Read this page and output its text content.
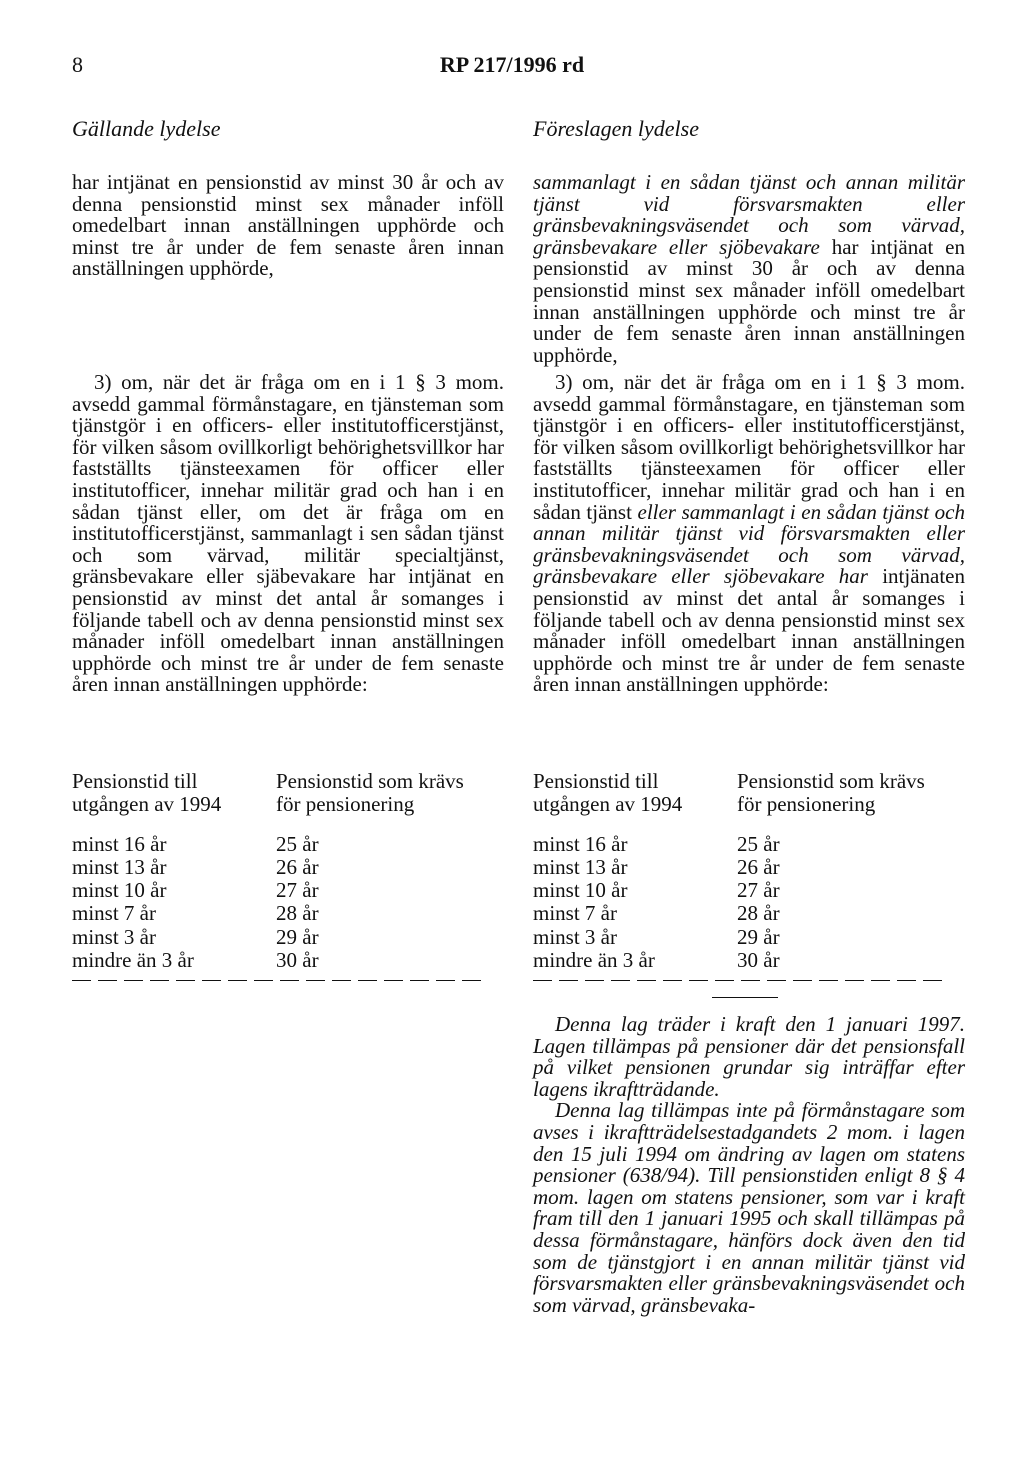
8	RP 217/1996 rd
Gällande lydelse	Föreslagen lydelse

har intjänat en pensionstid av minst 30 år och av denna pensionstid minst sex månader inföll omedelbart innan anställningen upphörde och minst tre år under de fem senaste åren innan anställningen upphörde,

3) om, när det är fråga om en i 1 § 3 mom. avsedd gammal förmånstagare, en tjänsteman som tjänstgör i en officers- eller institutofficerstjänst, för vilken såsom ovillkorligt behörighetsvillkor har fastställts tjänsteexamen för officer eller institutofficer, innehar militär grad och han i en sådan tjänst eller, om det är fråga om en institutofficerstjänst, sammanlagt i sen sådan tjänst och som värvad, militär specialtjänst, gränsbevakare eller sjäbevakare har intjänat en pensionstid av minst det antal år somanges i följande tabell och av denna pensionstid minst sex månader inföll omedelbart innan anställningen upphörde och minst tre år under de fem senaste åren innan anställningen upphörde:

Pensionstid till	Pensionstid som krävs
utgången av 1994	för pensionering
minst 16 år	25 år
minst 13 år	26 år
minst 10 år	27 år
minst 7 år	28 år
minst 3 år	29 år
mindre än 3 år	30 år

sammanlagt i en sådan tjänst och annan militär tjänst vid försvarsmakten eller gränsbevakningsväsendet och som värvad, gränsbevakare eller sjöbevakare har intjänat en pensionstid av minst 30 år och av denna pensionstid minst sex månader inföll omedelbart innan anställningen upphörde och minst tre år under de fem senaste åren innan anställningen upphörde,

3) om, när det är fråga om en i 1 § 3 mom. avsedd gammal förmånstagare, en tjänsteman som tjänstgör i en officers- eller institutofficerstjänst, för vilken såsom ovillkorligt behörighetsvillkor har fastställts tjänsteexamen för officer eller institutofficer, innehar militär grad och han i en sådan tjänst eller sammanlagt i en sådan tjänst och annan militär tjänst vid försvarsmakten eller gränsbevakningsväsendet och som värvad, gränsbevakare eller sjöbevakare har intjänaten pensionstid av minst det antal år somanges i följande tabell och av denna pensionstid minst sex månader inföll omedelbart innan anställningen upphörde och minst tre år under de fem senaste åren innan anställningen upphörde:

Pensionstid till	Pensionstid som krävs
utgången av 1994	för pensionering
minst 16 år	25 år
minst 13 år	26 år
minst 10 år	27 år
minst 7 år	28 år
minst 3 år	29 år
mindre än 3 år	30 år

Denna lag träder i kraft den 1 januari 1997. Lagen tillämpas på pensioner där det pensionsfall på vilket pensionen grundar sig inträffar efter lagens ikraftträdande.

Denna lag tillämpas inte på förmånstagare som avses i ikraftträdelsestadgandets 2 mom. i lagen den 15 juli 1994 om ändring av lagen om statens pensioner (638/94). Till pensionstiden enligt 8 § 4 mom. lagen om statens pensioner, som var i kraft fram till den 1 januari 1995 och skall tillämpas på dessa förmånstagare, hänförs dock även den tid som de tjänstgjort i en annan militär tjänst vid försvarsmakten eller gränsbevakningsväsendet och som värvad, gränsbevaka-
